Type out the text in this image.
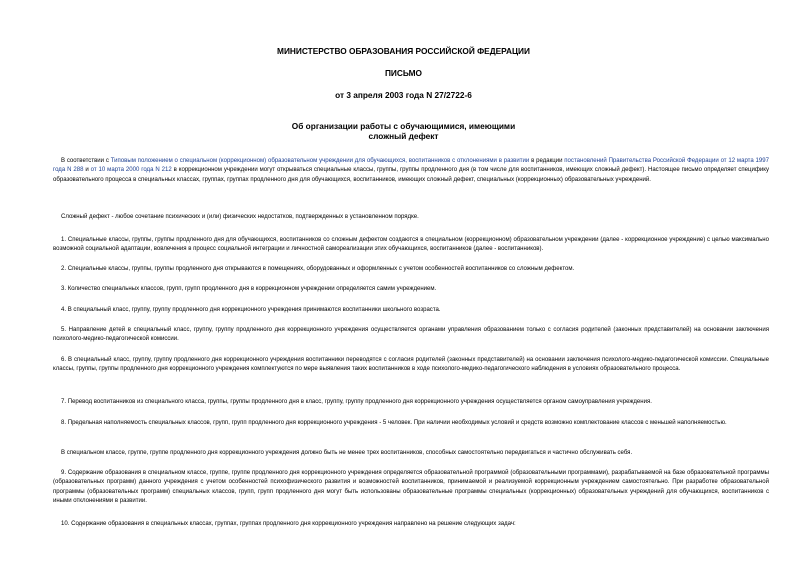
МИНИСТЕРСТВО ОБРАЗОВАНИЯ РОССИЙСКОЙ ФЕДЕРАЦИИ
ПИСЬМО
от 3 апреля 2003 года N 27/2722-6
Об организации работы с обучающимися, имеющими
сложный дефект

В соответствии с Типовым положением о специальном (коррекционном) образовательном учреждении для обучающихся, воспитанников с отклонениями в развитии в редакции постановлений Правительства Российской Федерации от 12 марта 1997 года N 288 и от 10 марта 2000 года N 212 в коррекционном учреждении могут открываться специальные классы, группы, группы продленного дня (в том числе для воспитанников, имеющих сложный дефект). Настоящее письмо определяет специфику образовательного процесса в специальных классах, группах, группах продленного дня для обучающихся, воспитанников, имеющих сложный дефект, специальных (коррекционных) образовательных учреждений.

Сложный дефект - любое сочетание психических и (или) физических недостатков, подтвержденных в установленном порядке.

1. Специальные классы, группы, группы продленного дня для обучающихся, воспитанников со сложным дефектом создаются в специальном (коррекционном) образовательном учреждении (далее - коррекционное учреждение) с целью максимально возможной социальной адаптации, вовлечения в процесс социальной интеграции и личностной самореализации этих обучающихся, воспитанников (далее - воспитанников).

2. Специальные классы, группы, группы продленного дня открываются в помещениях, оборудованных и оформленных с учетом особенностей воспитанников со сложным дефектом.

3. Количество специальных классов, групп, групп продленного дня в коррекционном учреждении определяется самим учреждением.

4. В специальный класс, группу, группу продленного дня коррекционного учреждения принимаются воспитанники школьного возраста.

5. Направление детей в специальный класс, группу, группу продленного дня коррекционного учреждения осуществляется органами управления образованием только с согласия родителей (законных представителей) на основании заключения психолого-медико-педагогической комиссии.

6. В специальный класс, группу, группу продленного дня коррекционного учреждения воспитанники переводятся с согласия родителей (законных представителей) на основании заключения психолого-медико-педагогической комиссии. Специальные классы, группы, группы продленного дня коррекционного учреждения комплектуются по мере выявления таких воспитанников в ходе психолого-медико-педагогического наблюдения в условиях образовательного процесса.

7. Перевод воспитанников из специального класса, группы, группы продленного дня в класс, группу, группу продленного дня коррекционного учреждения осуществляется органом самоуправления учреждения.

8. Предельная наполняемость специальных классов, групп, групп продленного дня коррекционного учреждения - 5 человек. При наличии необходимых условий и средств возможно комплектование классов с меньшей наполняемостью.

В специальном классе, группе, группе продленного дня коррекционного учреждения должно быть не менее трех воспитанников, способных самостоятельно передвигаться и частично обслуживать себя.

9. Содержание образования в специальном классе, группе, группе продленного дня коррекционного учреждения определяется образовательной программой (образовательными программами), разрабатываемой на базе образовательной программы (образовательных программ) данного учреждения с учетом особенностей психофизического развития и возможностей воспитанников, принимаемой и реализуемой коррекционным учреждением самостоятельно. При разработке образовательной программы (образовательных программ) специальных классов, групп, групп продленного дня могут быть использованы образовательные программы специальных (коррекционных) образовательных учреждений для обучающихся, воспитанников с иными отклонениями в развитии.

10. Содержание образования в специальных классах, группах, группах продленного дня коррекционного учреждения направлено на решение следующих задач:
